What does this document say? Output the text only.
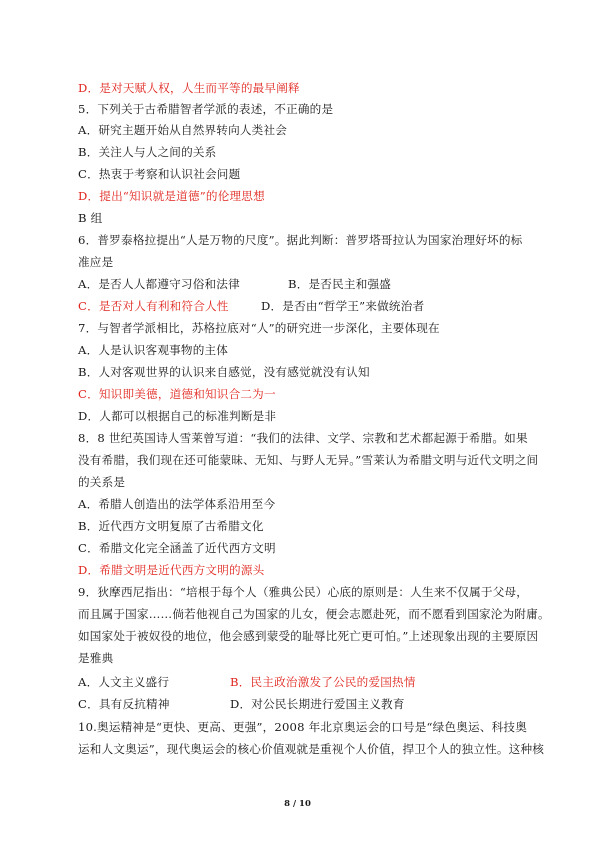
D．是对天赋人权，人生而平等的最早阐释
5．下列关于古希腊智者学派的表述，不正确的是
A．研究主题开始从自然界转向人类社会
B．关注人与人之间的关系
C．热衷于考察和认识社会问题
D．提出“知识就是道德”的伦理思想
B 组
6．普罗泰格拉提出“人是万物的尺度”。据此判断：普罗塔哥拉认为国家治理好坏的标
准应是
A．是否人人都遵守习俗和法律	B．是否民主和强盛
C．是否对人有利和符合人性	D．是否由“哲学王”来做统治者
7．与智者学派相比，苏格拉底对“人”的研究进一步深化，主要体现在
A．人是认识客观事物的主体
B．人对客观世界的认识来自感觉，没有感觉就没有认知
C．知识即美德，道德和知识合二为一
D．人都可以根据自己的标准判断是非
8．8 世纪英国诗人雪莱曾写道：“我们的法律、文学、宗教和艺术都起源于希腊。如果
没有希腊，我们现在还可能蒙昧、无知、与野人无异。”雪莱认为希腊文明与近代文明之间
的关系是
A．希腊人创造出的法学体系沿用至今
B．近代西方文明复原了古希腊文化
C．希腊文化完全涵盖了近代西方文明
D．希腊文明是近代西方文明的源头
9．狄摩西尼指出：“培根于每个人（雅典公民）心底的原则是：人生来不仅属于父母，
而且属于国家……倘若他视自己为国家的儿女，便会志愿赴死，而不愿看到国家沦为附庸。
如国家处于被奴役的地位，他会感到蒙受的耻辱比死亡更可怕。”上述现象出现的主要原因
是雅典
A．人文主义盛行	B．民主政治激发了公民的爱国热情
C．具有反抗精神	D．对公民长期进行爱国主义教育
10.奥运精神是“更快、更高、更强”，2008 年北京奥运会的口号是“绿色奥运、科技奥
运和人文奥运”，现代奥运会的核心价值观就是重视个人价值，捍卫个人的独立性。这种核
8 / 10
